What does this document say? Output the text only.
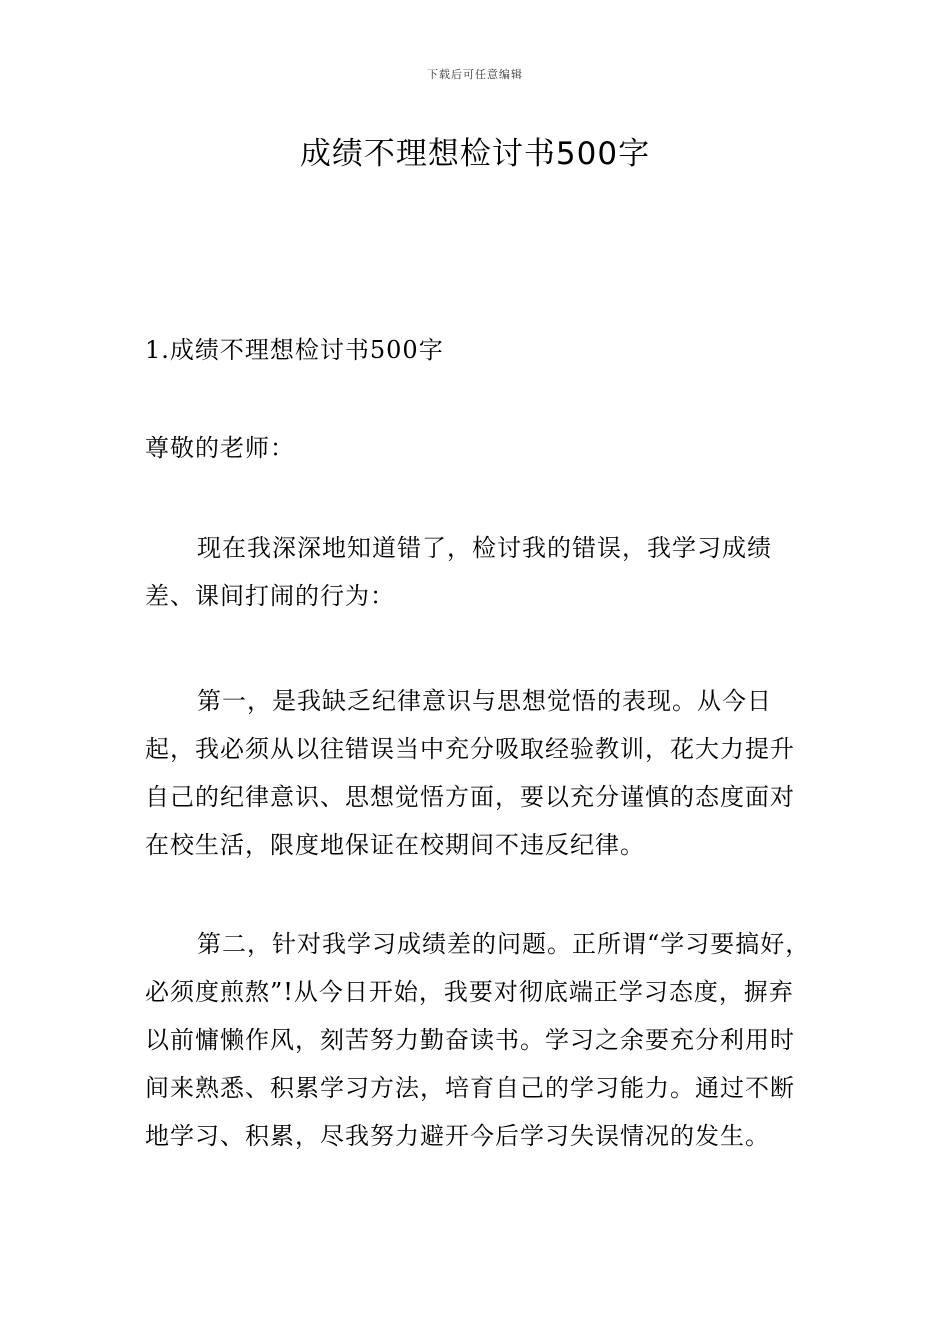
下载后可任意编辑
成绩不理想检讨书500字

1.成绩不理想检讨书500字

尊敬的老师：

现在我深深地知道错了，检讨我的错误，我学习成绩差、课间打闹的行为：

第一，是我缺乏纪律意识与思想觉悟的表现。从今日起，我必须从以往错误当中充分吸取经验教训，花大力提升自己的纪律意识、思想觉悟方面，要以充分谨慎的态度面对在校生活，限度地保证在校期间不违反纪律。

第二，针对我学习成绩差的问题。正所谓“学习要搞好，必须度煎熬”!从今日开始，我要对彻底端正学习态度，摒弃以前慵懒作风，刻苦努力勤奋读书。学习之余要充分利用时间来熟悉、积累学习方法，培育自己的学习能力。通过不断地学习、积累，尽我努力避开今后学习失误情况的发生。
